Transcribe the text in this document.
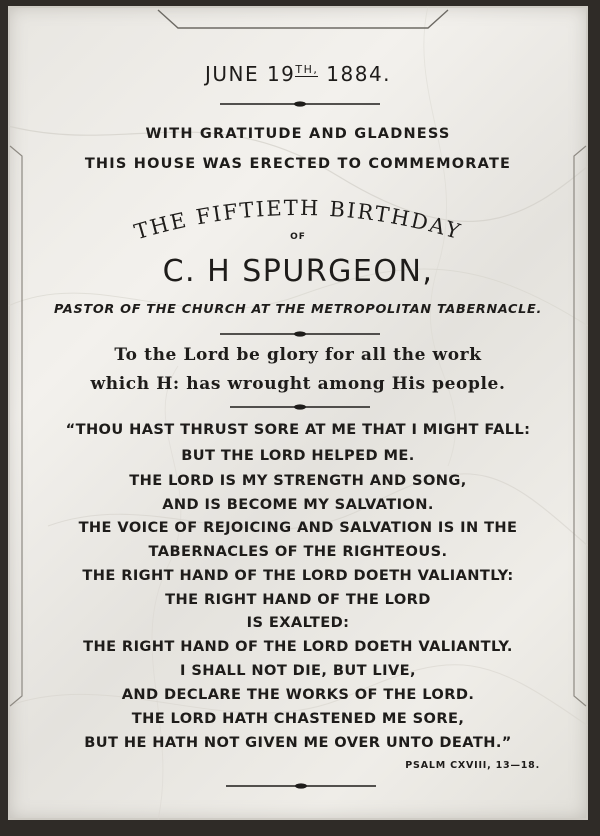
JUNE $19^{TH,}$ 1884.
WITH GRATITUDE AND GLADNESS
THIS HOUSE WAS ERECTED TO COMMEMORATE
THE FIFTIETH BIRTHDAY
OF
C. H SPURGEON,
PASTOR OF THE CHURCH AT THE METROPOLITAN TABERNACLE.
To the Lord be glory for all the work
which H: has wrought among His people.
“THOU HAST THRUST SORE AT ME THAT I MIGHT FALL:
BUT THE LORD HELPED ME.
THE LORD IS MY STRENGTH AND SONG,
AND IS BECOME MY SALVATION.
THE VOICE OF REJOICING AND SALVATION IS IN THE
TABERNACLES OF THE RIGHTEOUS.
THE RIGHT HAND OF THE LORD DOETH VALIANTLY:
THE RIGHT HAND OF THE LORD
IS EXALTED:
THE RIGHT HAND OF THE LORD DOETH VALIANTLY.
I SHALL NOT DIE, BUT LIVE,
AND DECLARE THE WORKS OF THE LORD.
THE LORD HATH CHASTENED ME SORE,
BUT HE HATH NOT GIVEN ME OVER UNTO DEATH.”
PSALM CXVIII, 13—18.
